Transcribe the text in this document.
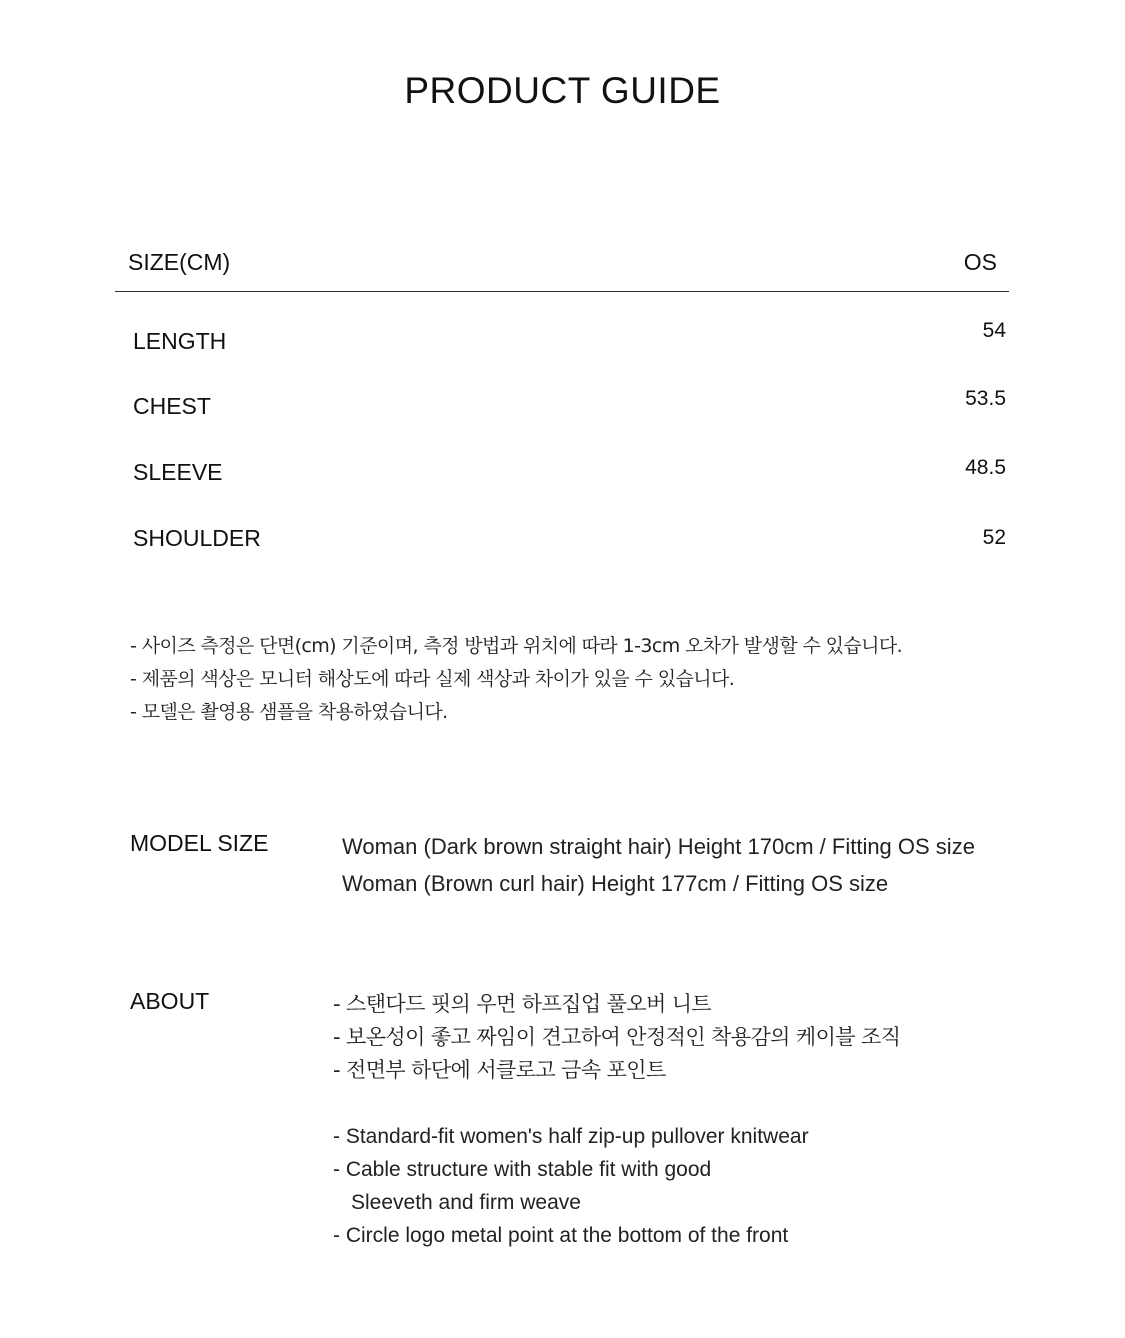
PRODUCT GUIDE
SIZE(CM)	OS
LENGTH	54
CHEST	53.5
SLEEVE	48.5
SHOULDER	52
- 사이즈 측정은 단면(cm) 기준이며, 측정 방법과 위치에 따라 1-3cm 오차가 발생할 수 있습니다.
- 제품의 색상은 모니터 해상도에 따라 실제 색상과 차이가 있을 수 있습니다.
- 모델은 촬영용 샘플을 착용하였습니다.
MODEL SIZE	Woman (Dark brown straight hair) Height 170cm / Fitting OS size
Woman (Brown curl hair) Height 177cm / Fitting OS size
ABOUT	- 스탠다드 핏의 우먼 하프집업 풀오버 니트
- 보온성이 좋고 짜임이 견고하여 안정적인 착용감의 케이블 조직
- 전면부 하단에 서클로고 금속 포인트
- Standard-fit women's half zip-up pullover knitwear
- Cable structure with stable fit with good
Sleeveth and firm weave
- Circle logo metal point at the bottom of the front
